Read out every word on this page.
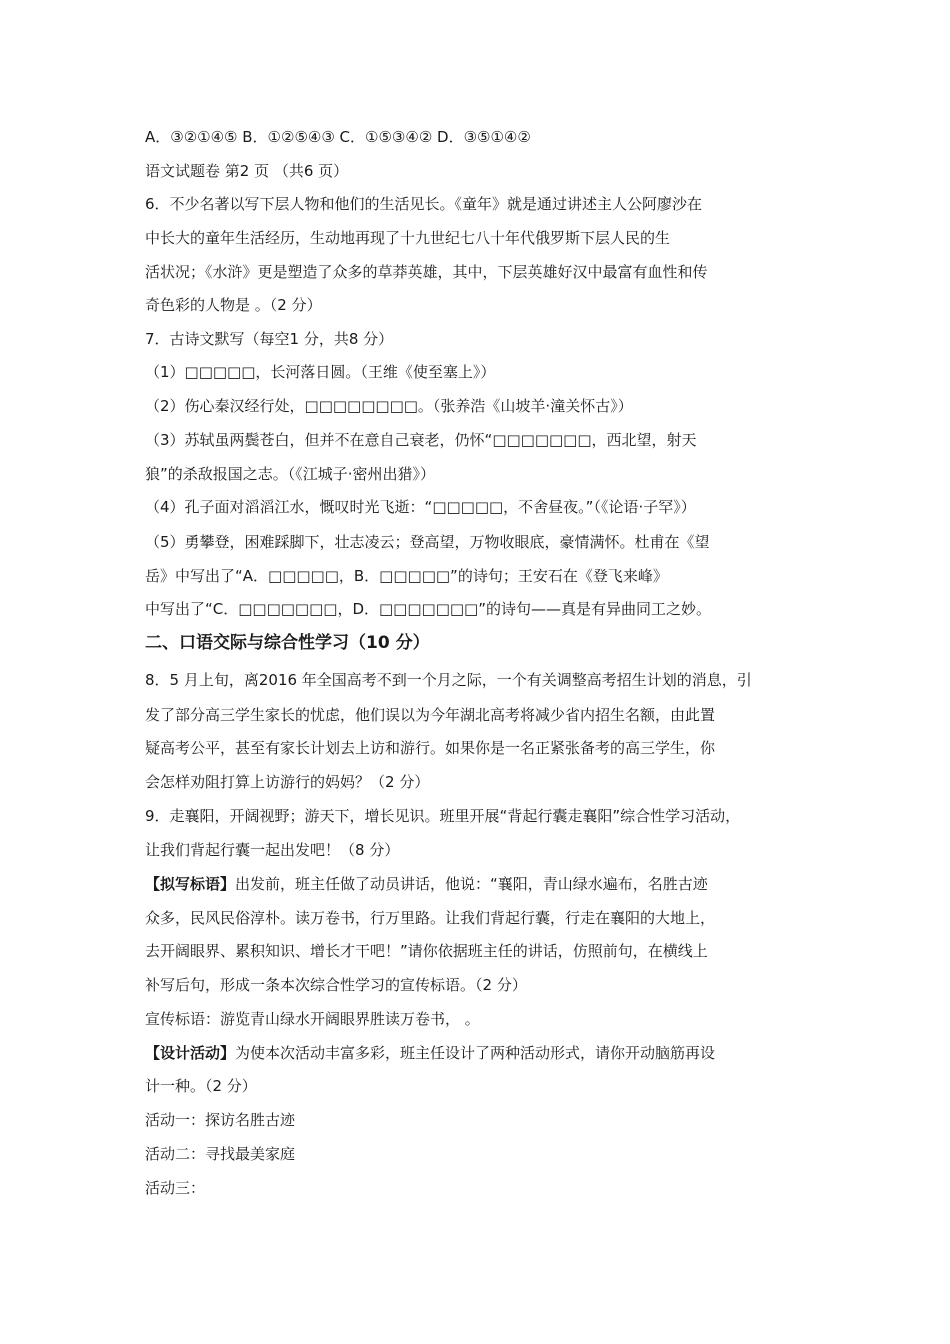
A．③②①④⑤ B．①②⑤④③ C．①⑤③④② D．③⑤①④②
语文试题卷 第2 页 （共6 页）
6．不少名著以写下层人物和他们的生活见长。《童年》就是通过讲述主人公阿廖沙在
中长大的童年生活经历，生动地再现了十九世纪七八十年代俄罗斯下层人民的生
活状况；《水浒》更是塑造了众多的草莽英雄，其中，下层英雄好汉中最富有血性和传
奇色彩的人物是 。（2 分）
7．古诗文默写（每空1 分，共8 分）
（1）□□□□□，长河落日圆。（王维《使至塞上》）
（2）伤心秦汉经行处，□□□□□□□□。（张养浩《山坡羊·潼关怀古》）
（3）苏轼虽两鬓苍白，但并不在意自己衰老，仍怀“□□□□□□□，西北望，射天
狼”的杀敌报国之志。（《江城子·密州出猎》）
（4）孔子面对滔滔江水，慨叹时光飞逝：“□□□□□，不舍昼夜。”（《论语·子罕》）
（5）勇攀登，困难踩脚下，壮志凌云；登高望，万物收眼底，豪情满怀。杜甫在《望
岳》中写出了“A．□□□□□，B．□□□□□”的诗句；王安石在《登飞来峰》
中写出了“C．□□□□□□□，D．□□□□□□□”的诗句——真是有异曲同工之妙。
二、口语交际与综合性学习（10 分）
8．5 月上旬，离2016 年全国高考不到一个月之际，一个有关调整高考招生计划的消息，引
发了部分高三学生家长的忧虑，他们误以为今年湖北高考将减少省内招生名额，由此置
疑高考公平，甚至有家长计划去上访和游行。如果你是一名正紧张备考的高三学生，你
会怎样劝阻打算上访游行的妈妈？（2 分）
9．走襄阳，开阔视野；游天下，增长见识。班里开展“背起行囊走襄阳”综合性学习活动，
让我们背起行囊一起出发吧！（8 分）
【拟写标语】出发前，班主任做了动员讲话，他说：“襄阳，青山绿水遍布，名胜古迹
众多，民风民俗淳朴。读万卷书，行万里路。让我们背起行囊，行走在襄阳的大地上，
去开阔眼界、累积知识、增长才干吧！”请你依据班主任的讲话，仿照前句，在横线上
补写后句，形成一条本次综合性学习的宣传标语。（2 分）
宣传标语：游览青山绿水开阔眼界胜读万卷书， 。
【设计活动】为使本次活动丰富多彩，班主任设计了两种活动形式，请你开动脑筋再设
计一种。（2 分）
活动一：探访名胜古迹
活动二：寻找最美家庭
活动三：
